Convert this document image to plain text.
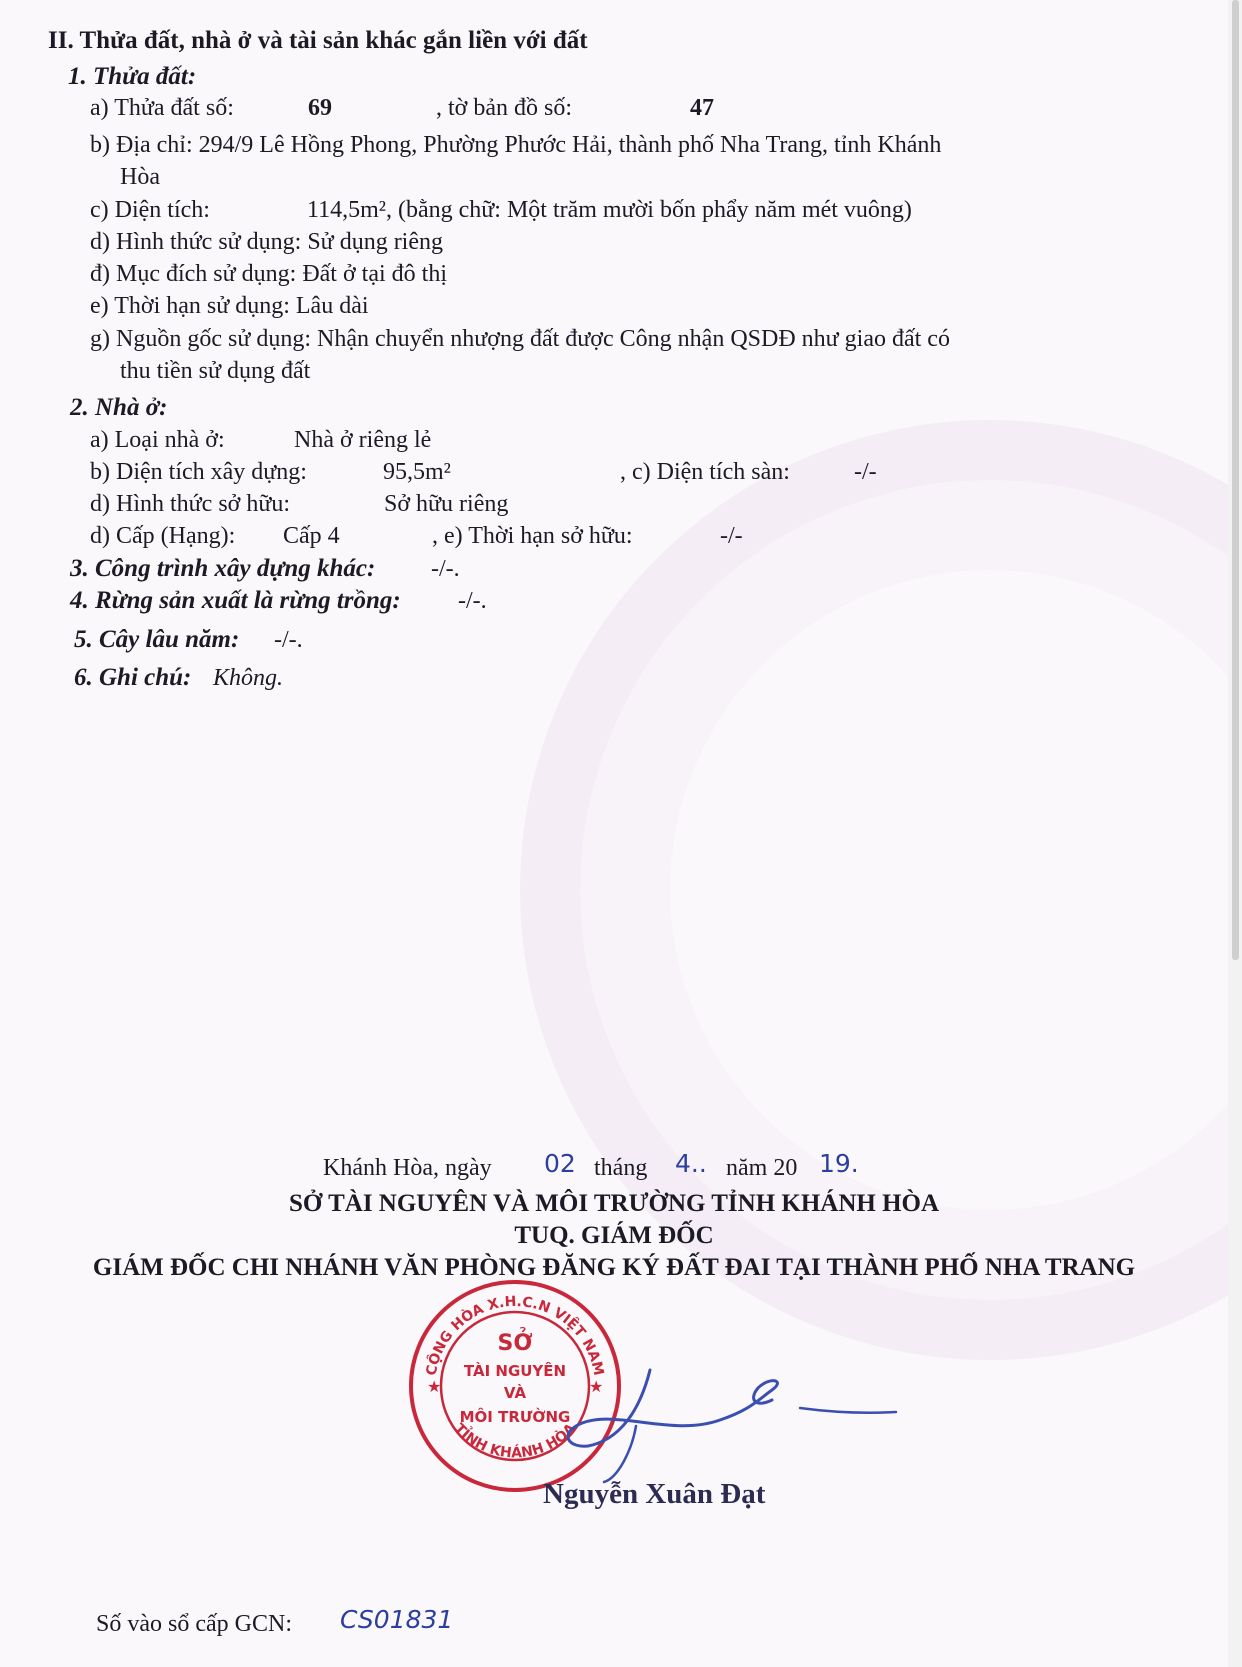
II. Thửa đất, nhà ở và tài sản khác gắn liền với đất
1. Thửa đất:
a) Thửa đất số:	69	, tờ bản đồ số:	47
b) Địa chỉ: 294/9 Lê Hồng Phong, Phường Phước Hải, thành phố Nha Trang, tỉnh Khánh
Hòa
c) Diện tích:	114,5m², (bằng chữ: Một trăm mười bốn phẩy năm mét vuông)
d) Hình thức sử dụng: Sử dụng riêng
đ) Mục đích sử dụng: Đất ở tại đô thị
e) Thời hạn sử dụng: Lâu dài
g) Nguồn gốc sử dụng: Nhận chuyển nhượng đất được Công nhận QSDĐ như giao đất có
thu tiền sử dụng đất
2. Nhà ở:
a) Loại nhà ở:	Nhà ở riêng lẻ
b) Diện tích xây dựng:	95,5m²	, c) Diện tích sàn:	-/-
d) Hình thức sở hữu:	Sở hữu riêng
d) Cấp (Hạng): Cấp 4	, e) Thời hạn sở hữu:	-/-
3. Công trình xây dựng khác: -/-.
4. Rừng sản xuất là rừng trồng: -/-.
5. Cây lâu năm: -/-.
6. Ghi chú: Không.
Khánh Hòa, ngày 02 tháng 4.. năm 20 19.
SỞ TÀI NGUYÊN VÀ MÔI TRƯỜNG TỈNH KHÁNH HÒA
TUQ. GIÁM ĐỐC
GIÁM ĐỐC CHI NHÁNH VĂN PHÒNG ĐĂNG KÝ ĐẤT ĐAI TẠI THÀNH PHỐ NHA TRANG
CỘNG HÒA X.H.C.N VIỆT NAM
TỈNH KHÁNH HÒA
★	★
SỞ
TÀI NGUYÊN
VÀ
MÔI TRƯỜNG
Nguyễn Xuân Đạt
Số vào sổ cấp GCN: CS01831
